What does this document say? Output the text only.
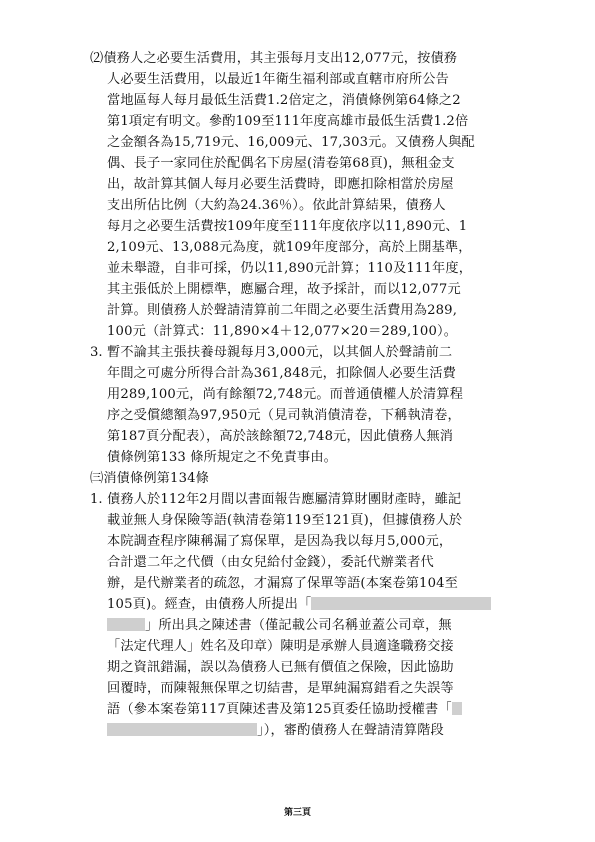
⑵債務人之必要生活費用，其主張每月支出12,077元，按債務
人必要生活費用，以最近1年衛生福利部或直轄市府所公告
當地區每人每月最低生活費1.2倍定之，消債條例第64條之2
第1項定有明文。參酌109至111年度高雄市最低生活費1.2倍
之金額各為15,719元、16,009元、17,303元。又債務人與配
偶、長子一家同住於配偶名下房屋(清卷第68頁)，無租金支
出，故計算其個人每月必要生活費時，即應扣除相當於房屋
支出所佔比例（大約為24.36％）。依此計算結果，債務人
每月之必要生活費按109年度至111年度依序以11,890元、1
2,109元、13,088元為度，就109年度部分，高於上開基準，
並未舉證，自非可採，仍以11,890元計算；110及111年度，
其主張低於上開標準，應屬合理，故予採計，而以12,077元
計算。則債務人於聲請清算前二年間之必要生活費用為289,
100元（計算式：11,890×4＋12,077×20＝289,100）。
3. 暫不論其主張扶養母親每月3,000元，以其個人於聲請前二
年間之可處分所得合計為361,848元，扣除個人必要生活費
用289,100元，尚有餘額72,748元。而普通債權人於清算程
序之受償總額為97,950元（見司執消債清卷，下稱執清卷，
第187頁分配表），高於該餘額72,748元，因此債務人無消
債條例第133 條所規定之不免責事由。
㈢消債條例第134條
1. 債務人於112年2月間以書面報告應屬清算財團財產時，雖記
載並無人身保險等語(執清卷第119至121頁)，但據債務人於
本院調查程序陳稱漏了寫保單，是因為我以每月5,000元，
合計還二年之代價（由女兒給付金錢），委託代辦業者代
辦，是代辦業者的疏忽，才漏寫了保單等語(本案卷第104至
105頁)。經查，由債務人所提出「
」所出具之陳述書（僅記載公司名稱並蓋公司章，無
「法定代理人」姓名及印章）陳明是承辦人員適逢職務交接
期之資訊錯漏，誤以為債務人已無有價值之保險，因此協助
回覆時，而陳報無保單之切結書，是單純漏寫錯看之失誤等
語（參本案卷第117頁陳述書及第125頁委任協助授權書「
」），審酌債務人在聲請清算階段
第三頁
